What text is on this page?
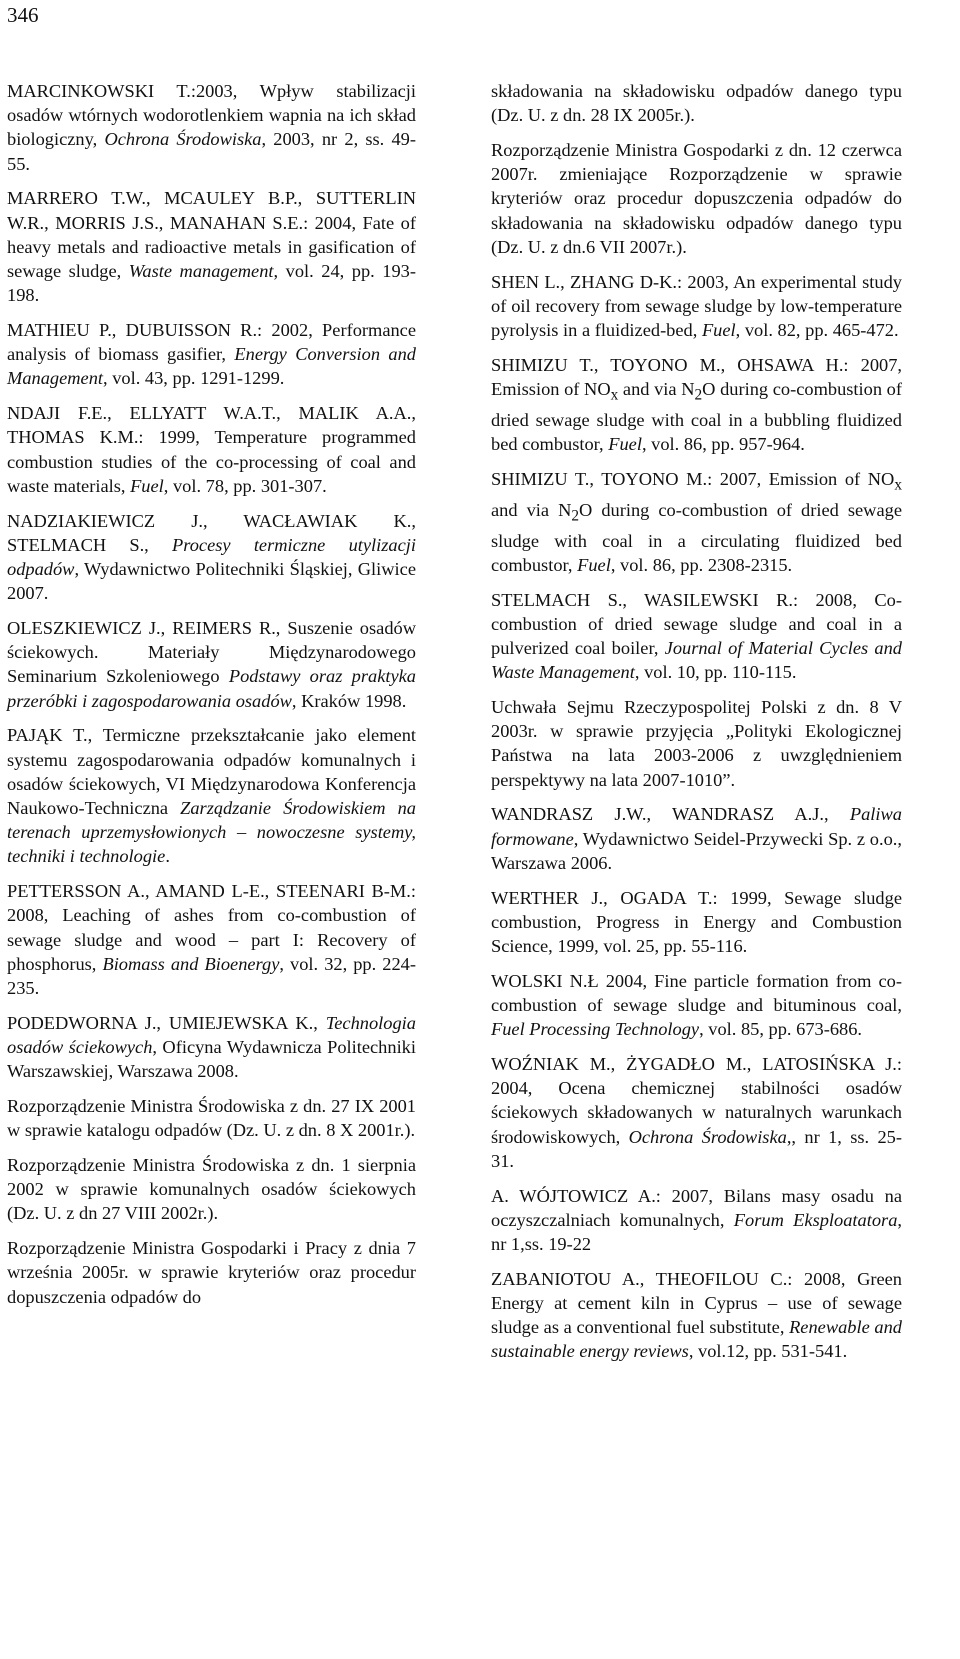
346
MARCINKOWSKI T.:2003, Wpływ stabilizacji osadów wtórnych wodorotlenkiem wapnia na ich skład biologiczny, Ochrona Środowiska, 2003, nr 2, ss. 49-55.
MARRERO T.W., MCAULEY B.P., SUTTERLIN W.R., MORRIS J.S., MANAHAN S.E.: 2004, Fate of heavy metals and radioactive metals in gasification of sewage sludge, Waste management, vol. 24, pp. 193-198.
MATHIEU P., DUBUISSON R.: 2002, Performance analysis of biomass gasifier, Energy Conversion and Management, vol. 43, pp. 1291-1299.
NDAJI F.E., ELLYATT W.A.T., MALIK A.A., THOMAS K.M.: 1999, Temperature programmed combustion studies of the co-processing of coal and waste materials, Fuel, vol. 78, pp. 301-307.
NADZIAKIEWICZ J., WACŁAWIAK K., STELMACH S., Procesy termiczne utylizacji odpadów, Wydawnictwo Politechniki Śląskiej, Gliwice 2007.
OLESZKIEWICZ J., REIMERS R., Suszenie osadów ściekowych. Materiały Międzynarodowego Seminarium Szkoleniowego Podstawy oraz praktyka przeróbki i zagospodarowania osadów, Kraków 1998.
PAJĄK T., Termiczne przekształcanie jako element systemu zagospodarowania odpadów komunalnych i osadów ściekowych, VI Międzynarodowa Konferencja Naukowo-Techniczna Zarządzanie Środowiskiem na terenach uprzemysłowionych – nowoczesne systemy, techniki i technologie.
PETTERSSON A., AMAND L-E., STEENARI B-M.: 2008, Leaching of ashes from co-combustion of sewage sludge and wood – part I: Recovery of phosphorus, Biomass and Bioenergy, vol. 32, pp. 224-235.
PODEDWORNA J., UMIEJEWSKA K., Technologia osadów ściekowych, Oficyna Wydawnicza Politechniki Warszawskiej, Warszawa 2008.
Rozporządzenie Ministra Środowiska z dn. 27 IX 2001 w sprawie katalogu odpadów (Dz. U. z dn. 8 X 2001r.).
Rozporządzenie Ministra Środowiska z dn. 1 sierpnia 2002 w sprawie komunalnych osadów ściekowych (Dz. U. z dn 27 VIII 2002r.).
Rozporządzenie Ministra Gospodarki i Pracy z dnia 7 września 2005r. w sprawie kryteriów oraz procedur dopuszczenia odpadów do
składowania na składowisku odpadów danego typu (Dz. U. z dn. 28 IX 2005r.).
Rozporządzenie Ministra Gospodarki z dn. 12 czerwca 2007r. zmieniające Rozporządzenie w sprawie kryteriów oraz procedur dopuszczenia odpadów do składowania na składowisku odpadów danego typu (Dz. U. z dn.6 VII 2007r.).
SHEN L., ZHANG D-K.: 2003, An experimental study of oil recovery from sewage sludge by low-temperature pyrolysis in a fluidized-bed, Fuel, vol. 82, pp. 465-472.
SHIMIZU T., TOYONO M., OHSAWA H.: 2007, Emission of $NO_x$ and via $N_2O$ during co-combustion of dried sewage sludge with coal in a bubbling fluidized bed combustor, Fuel, vol. 86, pp. 957-964.
SHIMIZU T., TOYONO M.: 2007, Emission of $NO_x$ and via $N_2O$ during co-combustion of dried sewage sludge with coal in a circulating fluidized bed combustor, Fuel, vol. 86, pp. 2308-2315.
STELMACH S., WASILEWSKI R.: 2008, Co-combustion of dried sewage sludge and coal in a pulverized coal boiler, Journal of Material Cycles and Waste Management, vol. 10, pp. 110-115.
Uchwała Sejmu Rzeczypospolitej Polski z dn. 8 V 2003r. w sprawie przyjęcia „Polityki Ekologicznej Państwa na lata 2003-2006 z uwzględnieniem perspektywy na lata 2007-1010”.
WANDRASZ J.W., WANDRASZ A.J., Paliwa formowane, Wydawnictwo Seidel-Przywecki Sp. z o.o., Warszawa 2006.
WERTHER J., OGADA T.: 1999, Sewage sludge combustion, Progress in Energy and Combustion Science, 1999, vol. 25, pp. 55-116.
WOLSKI N.Ł 2004, Fine particle formation from co-combustion of sewage sludge and bituminous coal, Fuel Processing Technology, vol. 85, pp. 673-686.
WOŹNIAK M., ŻYGADŁO M., LATOSIŃSKA J.: 2004, Ocena chemicznej stabilności osadów ściekowych składowanych w naturalnych warunkach środowiskowych, Ochrona Środowiska,, nr 1, ss. 25-31.
A. WÓJTOWICZ A.: 2007, Bilans masy osadu na oczyszczalniach komunalnych, Forum Eksploatatora, nr 1,ss. 19-22
ZABANIOTOU A., THEOFILOU C.: 2008, Green Energy at cement kiln in Cyprus – use of sewage sludge as a conventional fuel substitute, Renewable and sustainable energy reviews, vol.12, pp. 531-541.
